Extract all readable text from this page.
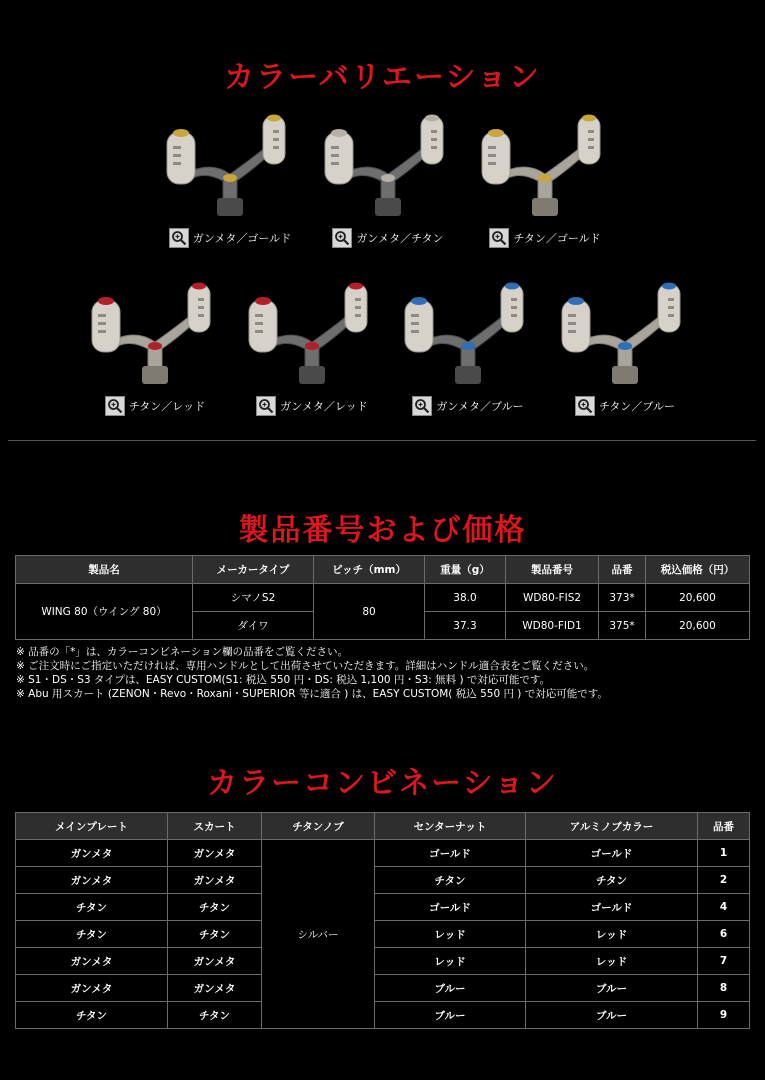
カラーバリエーション
ガンメタ／ゴールド	ガンメタ／チタン	チタン／ゴールド
チタン／レッド	ガンメタ／レッド	ガンメタ／ブルー	チタン／ブルー
製品番号および価格
製品名	メーカータイプ	ピッチ（mm）	重量（g）	製品番号	品番	税込価格（円）
WING 80（ウイング 80）	シマノS2	80	38.0	WD80-FIS2	373*	20,600
	ダイワ		37.3	WD80-FID1	375*	20,600
※ 品番の「*」は、カラーコンビネーション欄の品番をご覧ください。
※ ご注文時にご指定いただければ、専用ハンドルとして出荷させていただきます。詳細はハンドル適合表をご覧ください。
※ S1・DS・S3 タイプは、EASY CUSTOM(S1: 税込 550 円・DS: 税込 1,100 円・S3: 無料 ) で対応可能です。
※ Abu 用スカート (ZENON・Revo・Roxani・SUPERIOR 等に適合 ) は、EASY CUSTOM( 税込 550 円 ) で対応可能です。
カラーコンビネーション
メインプレート	スカート	チタンノブ	センターナット	アルミノブカラー	品番
ガンメタ	ガンメタ	シルバー	ゴールド	ゴールド	1
ガンメタ	ガンメタ		チタン	チタン	2
チタン	チタン		ゴールド	ゴールド	4
チタン	チタン		レッド	レッド	6
ガンメタ	ガンメタ		レッド	レッド	7
ガンメタ	ガンメタ		ブルー	ブルー	8
チタン	チタン		ブルー	ブルー	9
